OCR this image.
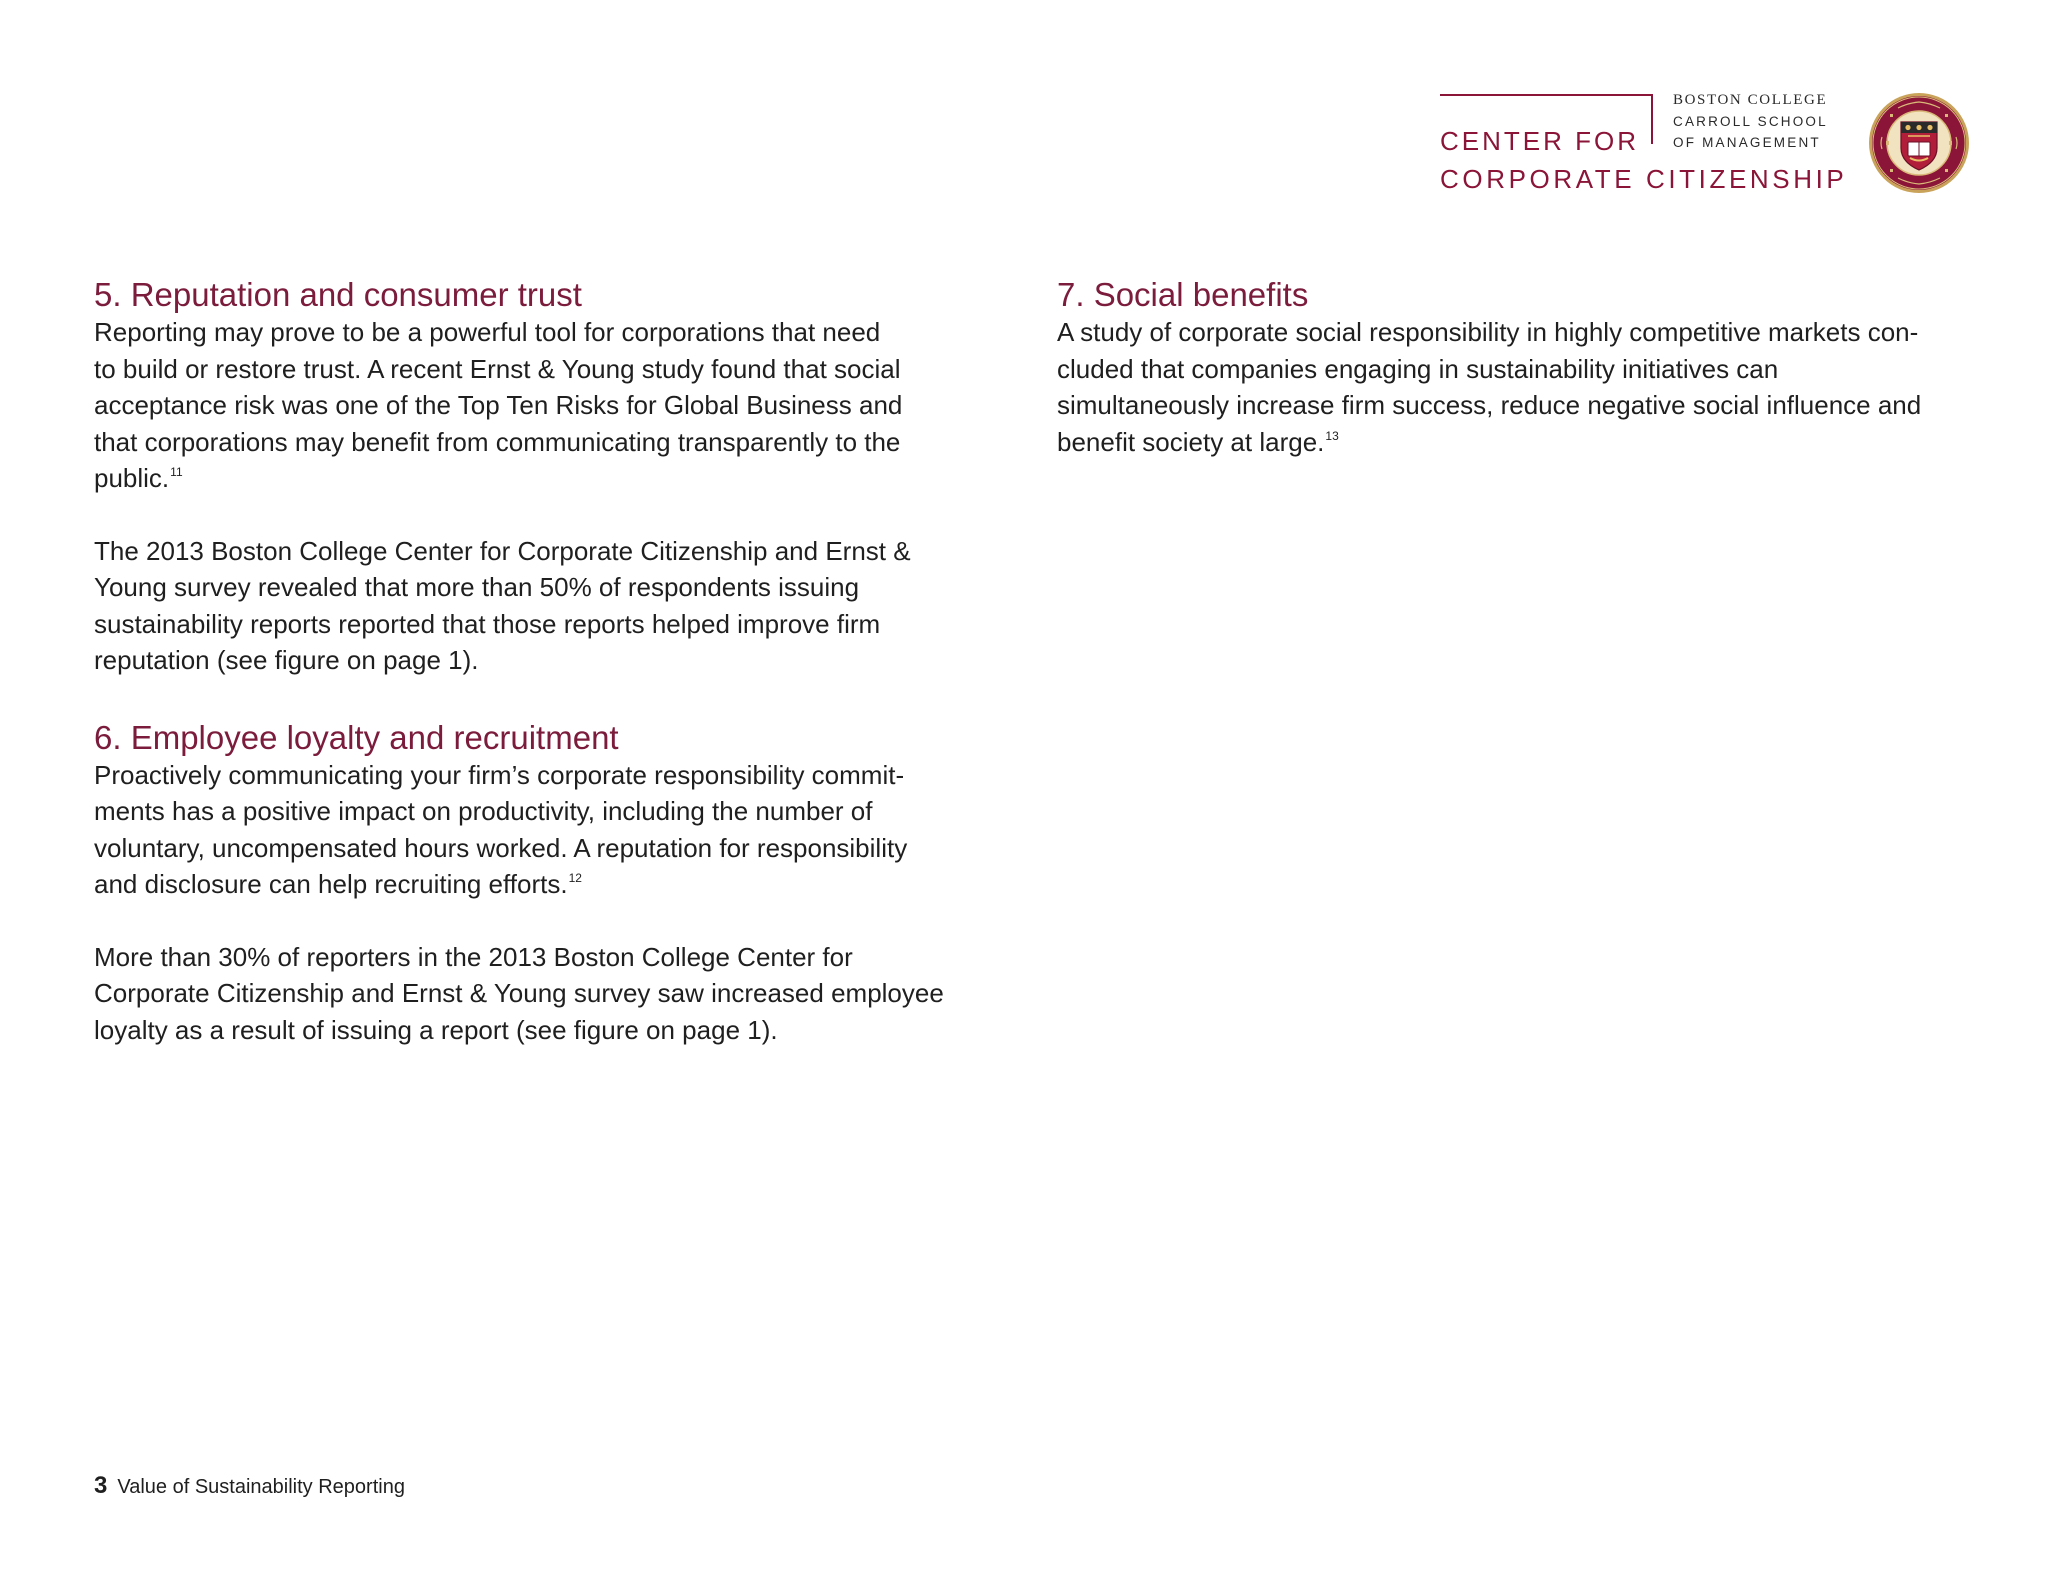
CENTER FOR
CORPORATE CITIZENSHIP
BOSTON COLLEGE
CARROLL SCHOOL
OF MANAGEMENT
5. Reputation and consumer trust

Reporting may prove to be a powerful tool for corporations that need
to build or restore trust. A recent Ernst & Young study found that social
acceptance risk was one of the Top Ten Risks for Global Business and
that corporations may benefit from communicating transparently to the
public.$^{11}$

The 2013 Boston College Center for Corporate Citizenship and Ernst &
Young survey revealed that more than 50% of respondents issuing
sustainability reports reported that those reports helped improve firm
reputation (see figure on page 1).

6. Employee loyalty and recruitment

Proactively communicating your firm’s corporate responsibility commit-
ments has a positive impact on productivity, including the number of
voluntary, uncompensated hours worked. A reputation for responsibility
and disclosure can help recruiting efforts.$^{12}$

More than 30% of reporters in the 2013 Boston College Center for
Corporate Citizenship and Ernst & Young survey saw increased employee
loyalty as a result of issuing a report (see figure on page 1).

7. Social benefits

A study of corporate social responsibility in highly competitive markets con-
cluded that companies engaging in sustainability initiatives can
simultaneously increase firm success, reduce negative social influence and
benefit society at large.$^{13}$

3 Value of Sustainability Reporting
